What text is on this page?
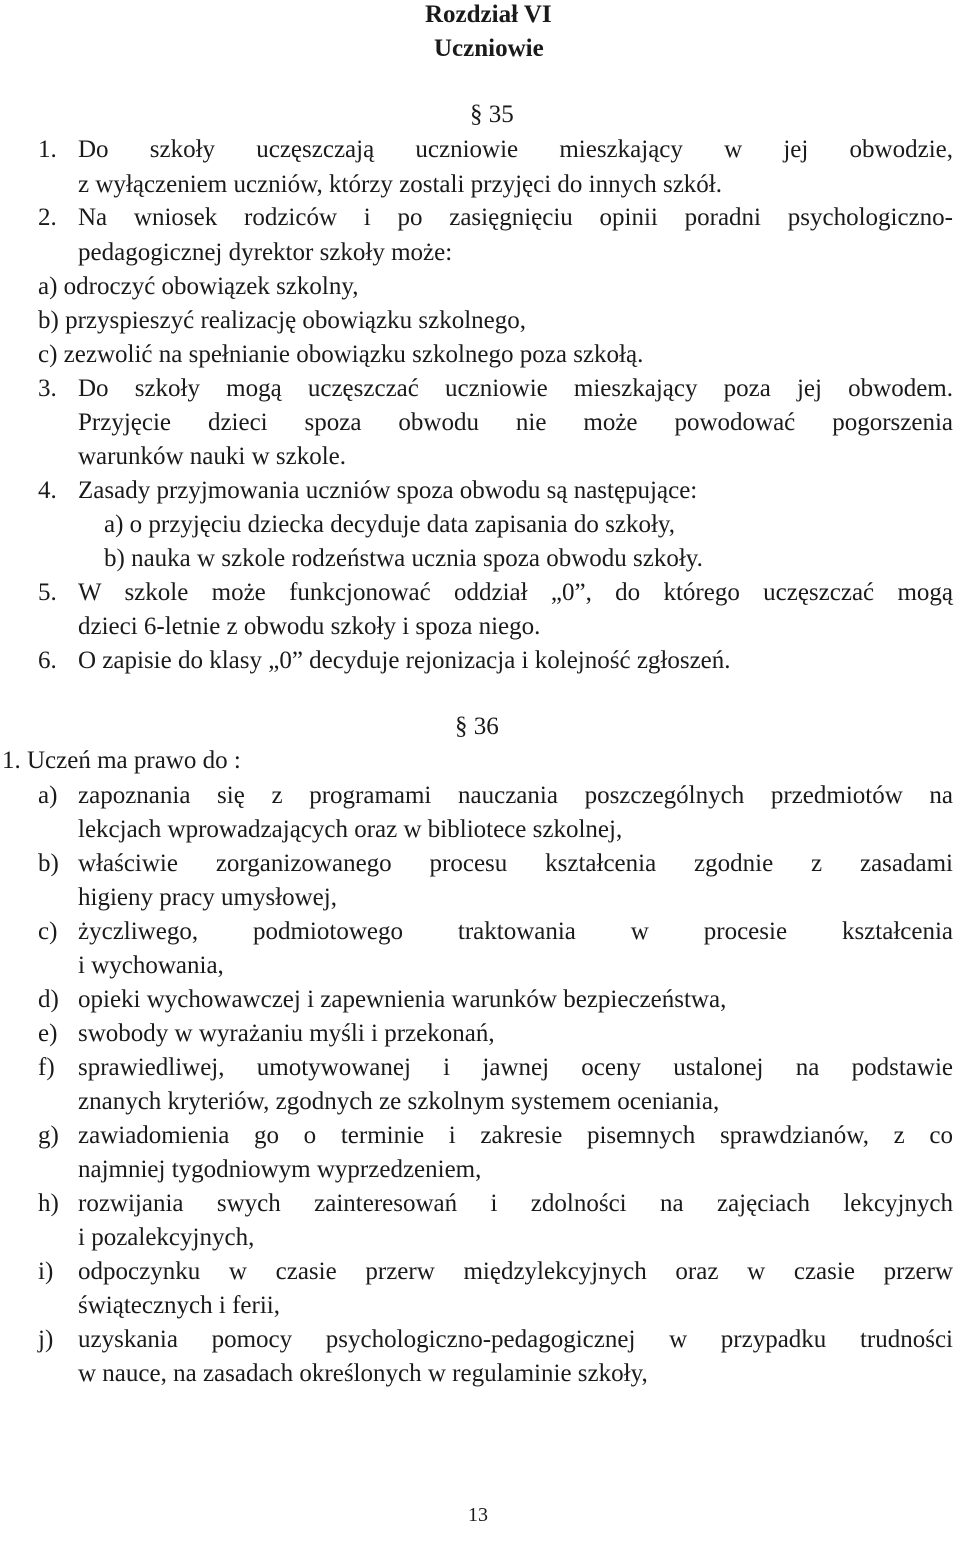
Rozdział VI
Uczniowie
§ 35
1. Do szkoły uczęszczają uczniowie mieszkający w jej obwodzie,
z wyłączeniem uczniów, którzy zostali przyjęci do innych szkół.
2. Na wniosek rodziców i po zasięgnięciu opinii poradni psychologiczno-
pedagogicznej dyrektor szkoły może:
a) odroczyć obowiązek szkolny,
b) przyspieszyć realizację obowiązku szkolnego,
c) zezwolić na spełnianie obowiązku szkolnego poza szkołą.
3. Do szkoły mogą uczęszczać uczniowie mieszkający poza jej obwodem.
Przyjęcie dzieci spoza obwodu nie może powodować pogorszenia
warunków nauki w szkole.
4. Zasady przyjmowania uczniów spoza obwodu są następujące:
a) o przyjęciu dziecka decyduje data zapisania do szkoły,
b) nauka w szkole rodzeństwa ucznia spoza obwodu szkoły.
5. W szkole może funkcjonować oddział „0”, do którego uczęszczać mogą
dzieci 6-letnie z obwodu szkoły i spoza niego.
6. O zapisie do klasy „0” decyduje rejonizacja i kolejność zgłoszeń.
§ 36
1. Uczeń ma prawo do :
a) zapoznania się z programami nauczania poszczególnych przedmiotów na
lekcjach wprowadzających oraz w bibliotece szkolnej,
b) właściwie zorganizowanego procesu kształcenia zgodnie z zasadami
higieny pracy umysłowej,
c) życzliwego, podmiotowego traktowania w procesie kształcenia
i wychowania,
d) opieki wychowawczej i zapewnienia warunków bezpieczeństwa,
e) swobody w wyrażaniu myśli i przekonań,
f) sprawiedliwej, umotywowanej i jawnej oceny ustalonej na podstawie
znanych kryteriów, zgodnych ze szkolnym systemem oceniania,
g) zawiadomienia go o terminie i zakresie pisemnych sprawdzianów, z co
najmniej tygodniowym wyprzedzeniem,
h) rozwijania swych zainteresowań i zdolności na zajęciach lekcyjnych
i pozalekcyjnych,
i) odpoczynku w czasie przerw międzylekcyjnych oraz w czasie przerw
świątecznych i ferii,
j) uzyskania pomocy psychologiczno-pedagogicznej w przypadku trudności
w nauce, na zasadach określonych w regulaminie szkoły,
13
